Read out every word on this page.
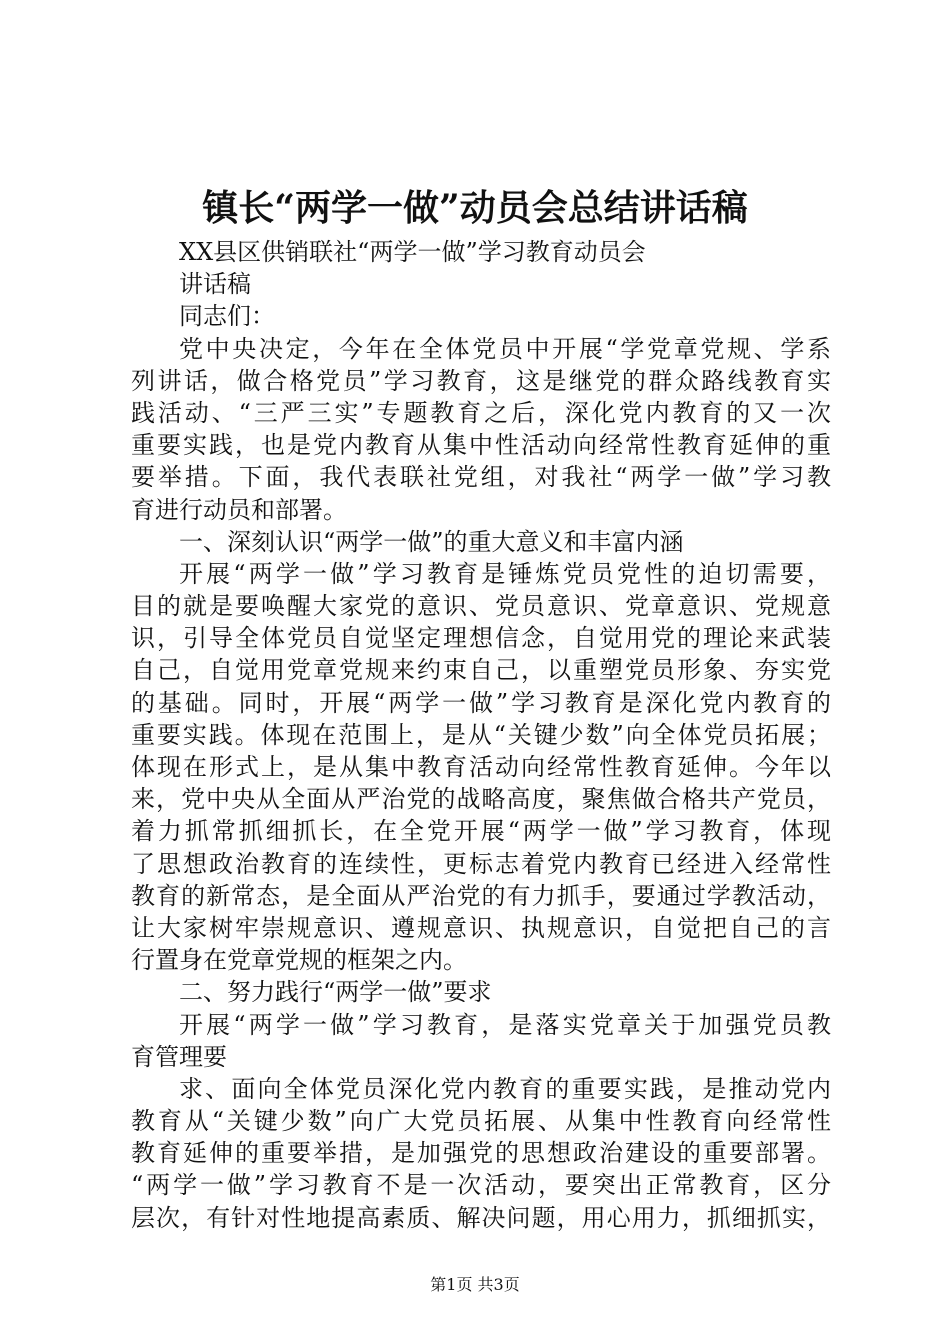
镇长“两学一做”动员会总结讲话稿
XX县区供销联社“两学一做”学习教育动员会
讲话稿
同志们：
党中央决定，今年在全体党员中开展“学党章党规、学系
列讲话，做合格党员”学习教育，这是继党的群众路线教育实
践活动、“三严三实”专题教育之后，深化党内教育的又一次
重要实践，也是党内教育从集中性活动向经常性教育延伸的重
要举措。下面，我代表联社党组，对我社“两学一做”学习教
育进行动员和部署。
一、深刻认识“两学一做”的重大意义和丰富内涵
开展“两学一做”学习教育是锤炼党员党性的迫切需要，
目的就是要唤醒大家党的意识、党员意识、党章意识、党规意
识，引导全体党员自觉坚定理想信念，自觉用党的理论来武装
自己，自觉用党章党规来约束自己，以重塑党员形象、夯实党
的基础。同时，开展“两学一做”学习教育是深化党内教育的
重要实践。体现在范围上，是从“关键少数”向全体党员拓展；
体现在形式上，是从集中教育活动向经常性教育延伸。今年以
来，党中央从全面从严治党的战略高度，聚焦做合格共产党员，
着力抓常抓细抓长，在全党开展“两学一做”学习教育，体现
了思想政治教育的连续性，更标志着党内教育已经进入经常性
教育的新常态，是全面从严治党的有力抓手，要通过学教活动，
让大家树牢崇规意识、遵规意识、执规意识，自觉把自己的言
行置身在党章党规的框架之内。
二、努力践行“两学一做”要求
开展“两学一做”学习教育，是落实党章关于加强党员教
育管理要
求、面向全体党员深化党内教育的重要实践，是推动党内
教育从“关键少数”向广大党员拓展、从集中性教育向经常性
教育延伸的重要举措，是加强党的思想政治建设的重要部署。
“两学一做”学习教育不是一次活动，要突出正常教育，区分
层次，有针对性地提高素质、解决问题，用心用力，抓细抓实，
第1页 共3页
